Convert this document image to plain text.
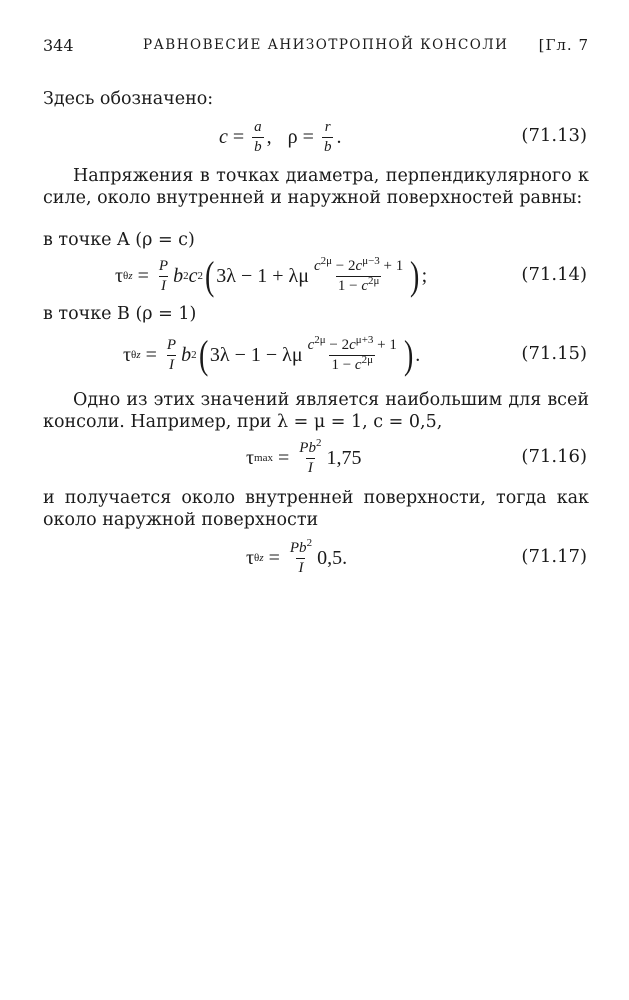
344	РАВНОВЕСИЕ АНИЗОТРОПНОЙ КОНСОЛИ [Гл. 7
Здесь обозначено:
$c = \frac{a}{b}$ ,
$\rho = \frac{r}{b}$ .	(71.13)
Напряжения в точках диаметра, перпендикулярного к силе, около внутренней и наружной поверхностей равны:
в точке A (ρ = c)
τ $\theta z = \frac{P}{I}$ b 2 c 2 ( 3λ − 1 + λμ $\frac{c^{2\mu} - 2c^{\mu-3} + 1}{1 - c^{2\mu}}$ ) ;	(71.14)
в точке B (ρ = 1)
τ $\theta z = \frac{P}{I}$ b 2 ( 3λ − 1 − λμ $\frac{c^{2\mu} - 2c^{\mu+3} + 1}{1 - c^{2\mu}}$ ) .	(71.15)
Одно из этих значений является наибольшим для всей консоли. Например, при λ = μ = 1, c = 0,5,
τ $\max = \frac{Pb^2}{I} 1,75$	(71.16)
и получается около внутренней поверхности, тогда как около наружной поверхности
τ $\theta z = \frac{Pb^2}{I} 0,5$.	(71.17)
